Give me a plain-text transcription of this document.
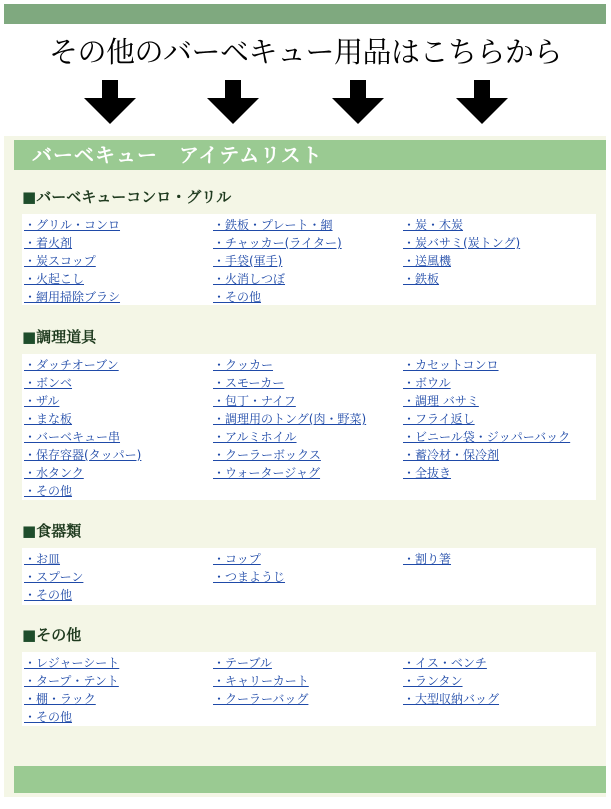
その他のバーベキュー用品はこちらから
バーベキュー　アイテムリスト
■バーベキューコンロ・グリル
・グリル・コンロ
・着火剤
・炭スコップ
・火起こし
・網用掃除ブラシ
・鉄板・プレート・網
・チャッカー(ライター)
・手袋(軍手)
・火消しつぼ
・その他
・炭・木炭
・炭バサミ(炭トング)
・送風機
・鉄板
■調理道具
・ダッチオーブン
・ボンベ
・ザル
・まな板
・バーベキュー串
・保存容器(タッパー)
・水タンク
・その他
・クッカー
・スモーカー
・包丁・ナイフ
・調理用のトング(肉・野菜)
・アルミホイル
・クーラーボックス
・ウォータージャグ
・カセットコンロ
・ボウル
・調理 バサミ
・フライ返し
・ビニール袋・ジッパーバック
・蓄冷材・保冷剤
・全抜き
■食器類
・お皿
・スプーン
・その他
・コップ
・つまようじ
・割り箸
■その他
・レジャーシート
・タープ・テント
・棚・ラック
・その他
・テーブル
・キャリーカート
・クーラーバッグ
・イス・ベンチ
・ランタン
・大型収納バッグ
